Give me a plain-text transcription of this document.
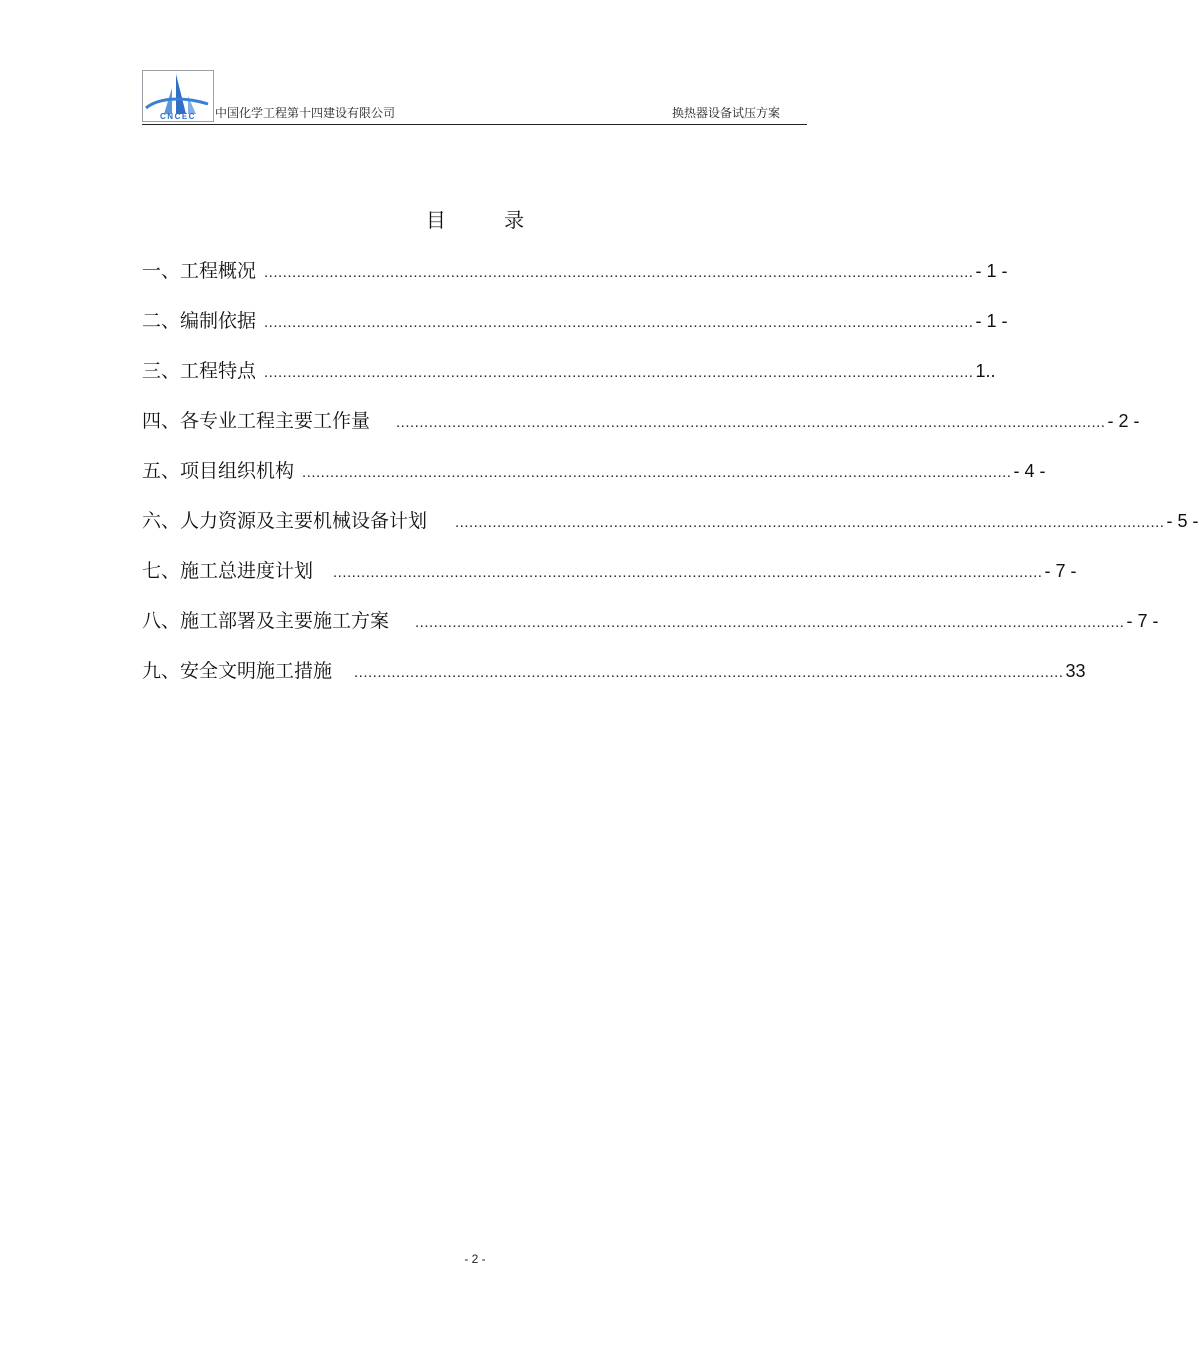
CNCEC 中国化学工程第十四建设有限公司	换热器设备试压方案
目 录
一、工程概况 ........................................................................................................................................................ - 1 -
二、编制依据 ........................................................................................................................................................ - 1 -
三、工程特点 ........................................................................................................................................................ 1..
四、各专业工程主要工作量 ........................................................................................................................................................ - 2 -
五、项目组织机构 ........................................................................................................................................................ - 4 -
六、人力资源及主要机械设备计划 ........................................................................................................................................................ - 5 -
七、施工总进度计划 ........................................................................................................................................................ - 7 -
八、施工部署及主要施工方案 ........................................................................................................................................................ - 7 -
九、安全文明施工措施 ........................................................................................................................................................ 33
- 2 -
